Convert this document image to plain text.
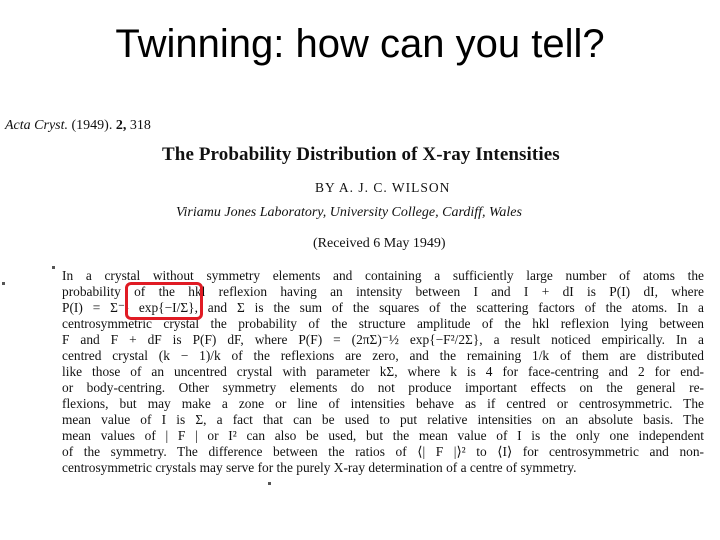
Twinning: how can you tell?
Acta Cryst. (1949). 2, 318
The Probability Distribution of X-ray Intensities
BY A. J. C. WILSON
Viriamu Jones Laboratory, University College, Cardiff, Wales
(Received 6 May 1949)
In a crystal without symmetry elements and containing a sufficiently large number of atoms the
probability of the hkl reflexion having an intensity between I and I + dI is P(I) dI, where
P(I) = Σ⁻¹ exp{−I/Σ}, and Σ is the sum of the squares of the scattering factors of the atoms. In a
centrosymmetric crystal the probability of the structure amplitude of the hkl reflexion lying between
F and F + dF is P(F) dF, where P(F) = (2πΣ)⁻½ exp{−F²/2Σ}, a result noticed empirically. In a
centred crystal (k − 1)/k of the reflexions are zero, and the remaining 1/k of them are distributed
like those of an uncentred crystal with parameter kΣ, where k is 4 for face-centring and 2 for end-
or body-centring. Other symmetry elements do not produce important effects on the general re-
flexions, but may make a zone or line of intensities behave as if centred or centrosymmetric. The
mean value of I is Σ, a fact that can be used to put relative intensities on an absolute basis. The
mean values of | F | or I² can also be used, but the mean value of I is the only one independent
of the symmetry. The difference between the ratios of ⟨| F |⟩² to ⟨I⟩ for centrosymmetric and non-
centrosymmetric crystals may serve for the purely X-ray determination of a centre of symmetry.
